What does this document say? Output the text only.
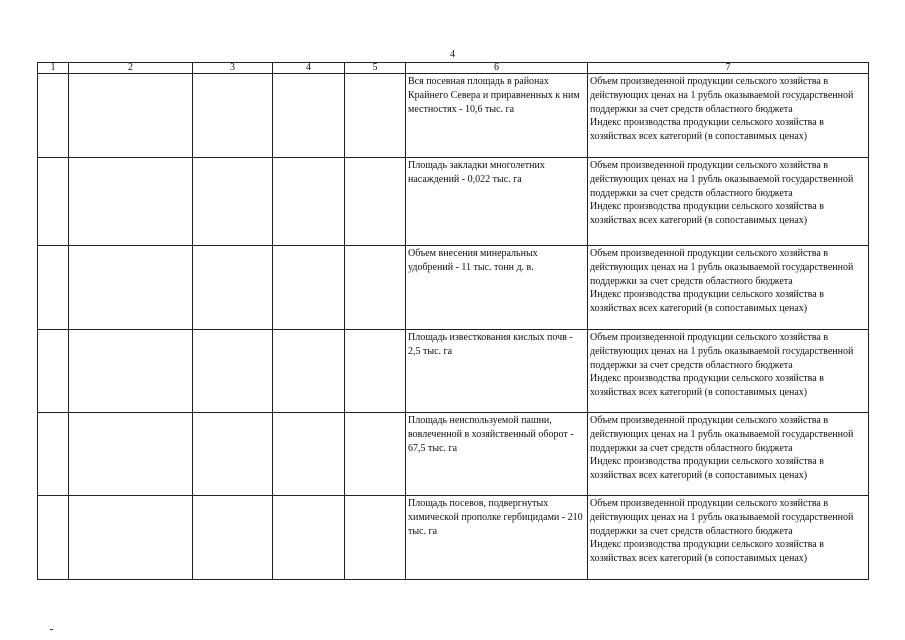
4
1	2	3	4	5	6	7
					Вся посевная площадь в районах Крайнего Севера и приравненных к ним местностях - 10,6 тыс. га	Объем произведенной продукции сельского хозяйства в действующих ценах на 1 рубль оказываемой государственной поддержки за счет средств областного бюджета
Индекс производства продукции сельского хозяйства в хозяйствах всех категорий (в сопоставимых ценах)

					Площадь закладки многолетних насаждений - 0,022 тыс. га	Объем произведенной продукции сельского хозяйства в действующих ценах на 1 рубль оказываемой государственной поддержки за счет средств областного бюджета
Индекс производства продукции сельского хозяйства в хозяйствах всех категорий (в сопоставимых ценах)

					Объем внесения минеральных удобрений - 11 тыс. тонн д. в.	Объем произведенной продукции сельского хозяйства в действующих ценах на 1 рубль оказываемой государственной поддержки за счет средств областного бюджета
Индекс производства продукции сельского хозяйства в хозяйствах всех категорий (в сопоставимых ценах)

					Площадь известкования кислых почв - 2,5 тыс. га	Объем произведенной продукции сельского хозяйства в действующих ценах на 1 рубль оказываемой государственной поддержки за счет средств областного бюджета
Индекс производства продукции сельского хозяйства в хозяйствах всех категорий (в сопоставимых ценах)

					Площадь неиспользуемой пашни, вовлеченной в хозяйственный оборот - 67,5 тыс. га	Объем произведенной продукции сельского хозяйства в действующих ценах на 1 рубль оказываемой государственной поддержки за счет средств областного бюджета
Индекс производства продукции сельского хозяйства в хозяйствах всех категорий (в сопоставимых ценах)

					Площадь посевов, подвергнутых химической прополке гербицидами - 210 тыс. га	Объем произведенной продукции сельского хозяйства в действующих ценах на 1 рубль оказываемой государственной поддержки за счет средств областного бюджета
Индекс производства продукции сельского хозяйства в хозяйствах всех категорий (в сопоставимых ценах)
